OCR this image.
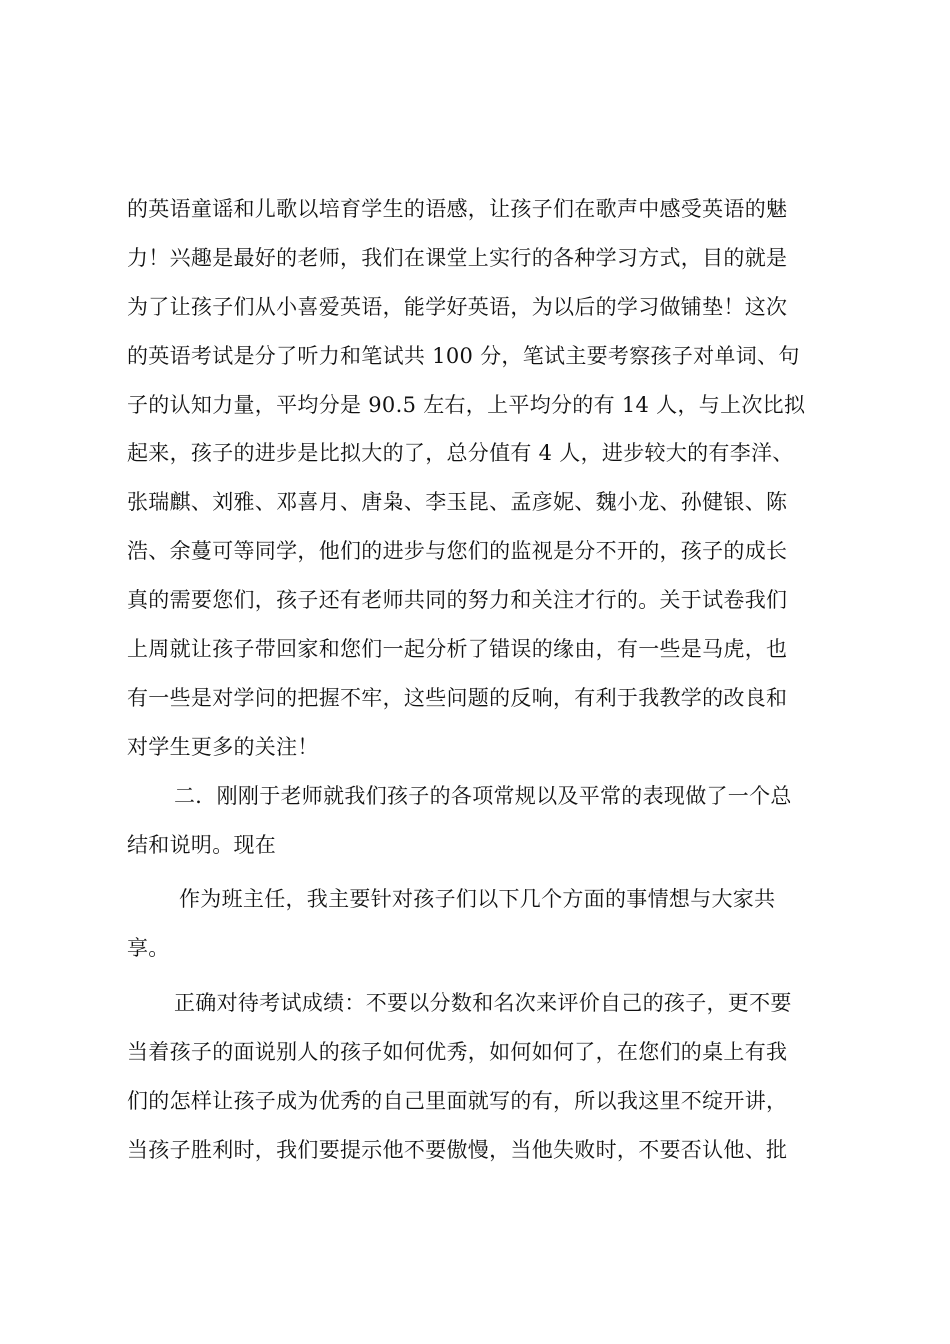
的英语童谣和儿歌以培育学生的语感，让孩子们在歌声中感受英语的魅
力！兴趣是最好的老师，我们在课堂上实行的各种学习方式，目的就是
为了让孩子们从小喜爱英语，能学好英语，为以后的学习做铺垫！这次
的英语考试是分了听力和笔试共 100 分，笔试主要考察孩子对单词、句
子的认知力量，平均分是 90.5 左右，上平均分的有 14 人，与上次比拟
起来，孩子的进步是比拟大的了，总分值有 4 人，进步较大的有李洋、
张瑞麒、刘雅、邓喜月、唐枭、李玉昆、孟彦妮、魏小龙、孙健银、陈
浩、余蔓可等同学，他们的进步与您们的监视是分不开的，孩子的成长
真的需要您们，孩子还有老师共同的努力和关注才行的。关于试卷我们
上周就让孩子带回家和您们一起分析了错误的缘由，有一些是马虎，也
有一些是对学问的把握不牢，这些问题的反响，有利于我教学的改良和
对学生更多的关注！
二．刚刚于老师就我们孩子的各项常规以及平常的表现做了一个总
结和说明。现在
作为班主任，我主要针对孩子们以下几个方面的事情想与大家共
享。
正确对待考试成绩：不要以分数和名次来评价自己的孩子，更不要
当着孩子的面说别人的孩子如何优秀，如何如何了，在您们的桌上有我
们的怎样让孩子成为优秀的自己里面就写的有，所以我这里不绽开讲，
当孩子胜利时，我们要提示他不要傲慢，当他失败时，不要否认他、批
